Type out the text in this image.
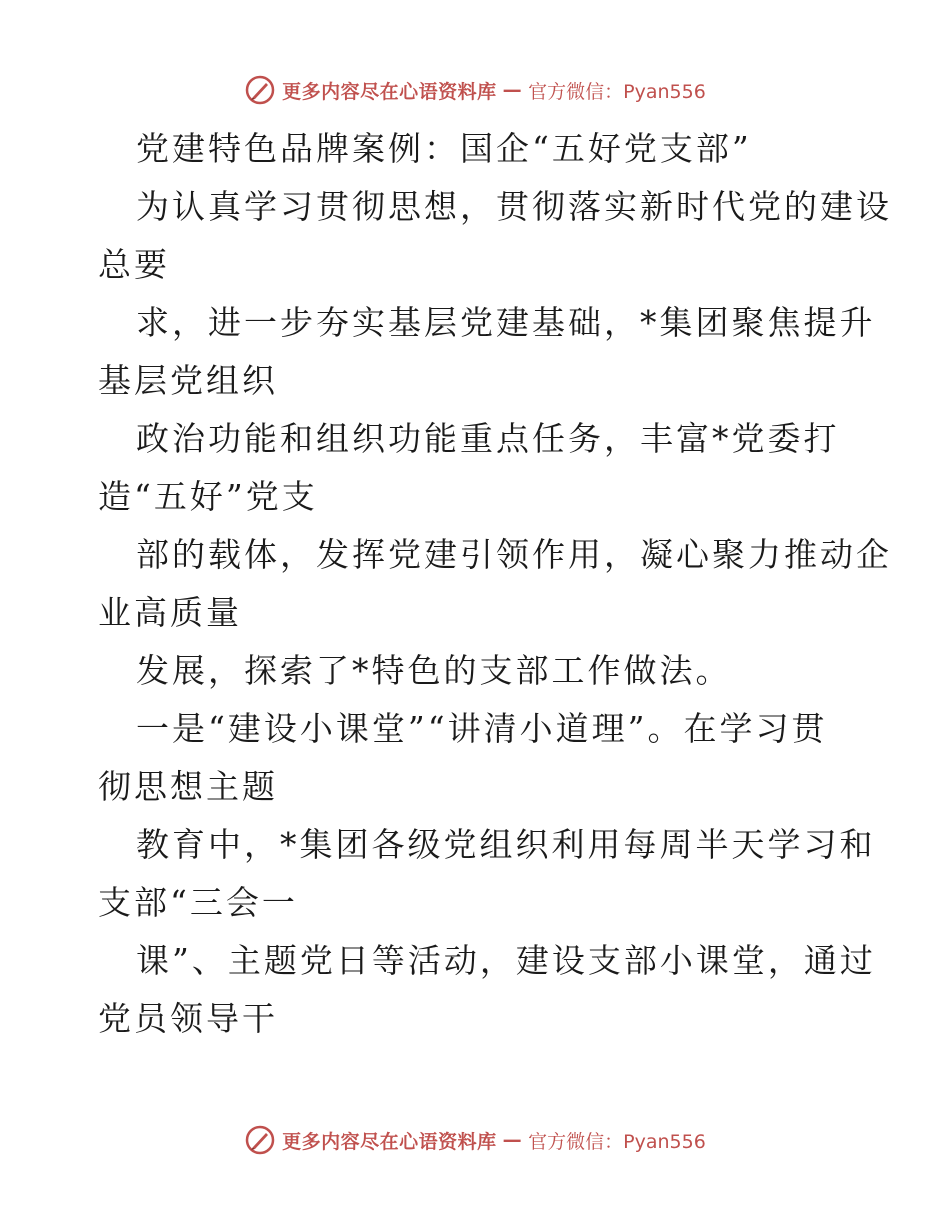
更多内容尽在心语资料库 — 官方微信：Pyan556
党建特色品牌案例：国企“五好党支部”
为认真学习贯彻思想，贯彻落实新时代党的建设
总要
求，进一步夯实基层党建基础，*集团聚焦提升
基层党组织
政治功能和组织功能重点任务，丰富*党委打
造“五好”党支
部的载体，发挥党建引领作用，凝心聚力推动企
业高质量
发展，探索了*特色的支部工作做法。
一是“建设小课堂”“讲清小道理”。在学习贯
彻思想主题
教育中，*集团各级党组织利用每周半天学习和
支部“三会一
课”、主题党日等活动，建设支部小课堂，通过
党员领导干
更多内容尽在心语资料库 — 官方微信：Pyan556
